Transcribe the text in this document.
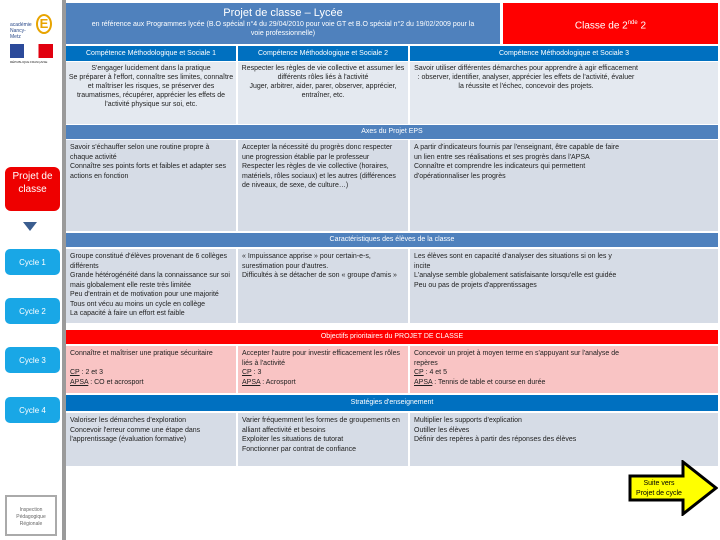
académie
Nancy-Metz
E
RÉPUBLIQUE FRANÇAISE
Projet de classe
Cycle 1
Cycle 2
Cycle 3
Cycle 4
Inspection Pédagogique Régionale
Projet de classe – Lycée
en référence aux Programmes lycée (B.O spécial n°4 du 29/04/2010 pour voie GT et B.O spécial n°2 du 19/02/2009 pour la voie professionnelle)
Classe de 2nde 2
Compétence Méthodologique et Sociale 1	Compétence Méthodologique et Sociale 2	Compétence Méthodologique et Sociale 3
S'engager lucidement dans la pratique
Se préparer à l'effort, connaître ses limites, connaître et maîtriser les risques, se préserver des traumatismes, récupérer, apprécier les effets de l'activité physique sur soi, etc.
Respecter les règles de vie collective et assumer les différents rôles liés à l'activité
Juger, arbitrer, aider, parer, observer, apprécier, entraîner, etc.
Savoir utiliser différentes démarches pour apprendre à agir efficacement : observer, identifier, analyser, apprécier les effets de l'activité, évaluer la réussite et l'échec, concevoir des projets.
Axes du Projet EPS
Savoir s'échauffer selon une routine propre à chaque activité
Connaître ses points forts et faibles et adapter ses actions en fonction
Accepter la nécessité du progrès donc respecter une progression établie par le professeur
Respecter les règles de vie collective (horaires, matériels, rôles sociaux) et les autres (différences de niveaux, de sexe, de culture…)
A partir d'indicateurs fournis par l'enseignant, être capable de faire un lien entre ses réalisations et ses progrès dans l'APSA
Connaître et comprendre les indicateurs qui permettent d'opérationnaliser les progrès
Caractéristiques des élèves de la classe
Groupe constitué d'élèves provenant de 6 collèges différents
Grande hétérogénéité dans la connaissance sur soi mais globalement elle reste très limitée
Peu d'entrain et de motivation pour une majorité
Tous ont vécu au moins un cycle en collège
La capacité à faire un effort est faible
« Impuissance apprise » pour certain-e-s, surestimation pour d'autres.
Difficultés à se détacher de son « groupe d'amis »
Les élèves sont en capacité d'analyser des situations si on les y incite
L'analyse semble globalement satisfaisante lorsqu'elle est guidée
Peu ou pas de projets d'apprentissages
Objectifs prioritaires du PROJET DE CLASSE
Connaître et maîtriser une pratique sécuritaire
CP : 2 et 3
APSA : CO et acrosport
Accepter l'autre pour investir efficacement les rôles liés à l'activité
CP : 3
APSA : Acrosport
Concevoir un projet à moyen terme en s'appuyant sur l'analyse de repères
CP : 4 et 5
APSA : Tennis de table et course en durée
Stratégies d'enseignement
Valoriser les démarches d'exploration
Concevoir l'erreur comme une étape dans l'apprentissage (évaluation formative)
Varier fréquemment les formes de groupements en alliant affectivité et besoins
Exploiter les situations de tutorat
Fonctionner par contrat de confiance
Multiplier les supports d'explication
Outiller les élèves
Définir des repères à partir des réponses des élèves
Suite vers Projet de cycle
